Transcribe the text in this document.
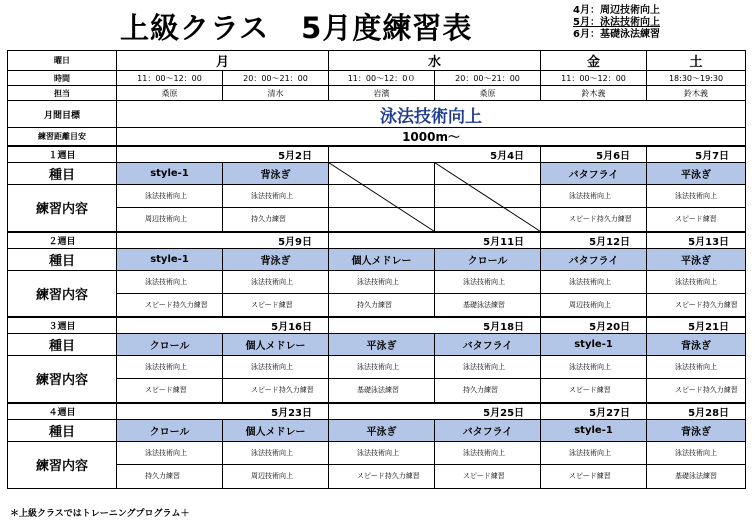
上級クラス 5月度練習表
4月：周辺技術向上
5月：泳法技術向上
6月：基礎泳法練習
曜日	月		水		金	土
時間	11：00～12：00	20：00～21：00	11：00～12：0０	20：00～21：00	11：00～12：00	18:30～19:30
担当	桑原	清水	岩濱	桑原	鈴木義	鈴木義
月間目標	泳法技術向上					
練習距離目安	1000m～					
１週目	5月2日		5月4日		5月6日	5月7日
種目	style-1	背泳ぎ			バタフライ	平泳ぎ
練習内容	泳法技術向上	泳法技術向上			泳法技術向上	泳法技術向上
	周辺技術向上	持久力練習			スピード持久力練習	スピード練習
２週目	5月9日		5月11日		5月12日	5月13日
種目	style-1	背泳ぎ	個人メドレー	クロール	バタフライ	平泳ぎ
練習内容	泳法技術向上	泳法技術向上	泳法技術向上	泳法技術向上	泳法技術向上	泳法技術向上
	スピード持久力練習	スピード練習	持久力練習	基礎泳法練習	周辺技術向上	スピード持久力練習
３週目	5月16日		5月18日		5月20日	5月21日
種目	クロール	個人メドレー	平泳ぎ	バタフライ	style-1	背泳ぎ
練習内容	泳法技術向上	泳法技術向上	泳法技術向上	泳法技術向上	泳法技術向上	泳法技術向上
	スピード練習	スピード持久力練習	基礎泳法練習	持久力練習	スピード練習	スピード持久力練習
４週目	5月23日		5月25日		5月27日	5月28日
種目	クロール	個人メドレー	平泳ぎ	バタフライ	style-1	背泳ぎ
練習内容	泳法技術向上	泳法技術向上	泳法技術向上	泳法技術向上	泳法技術向上	泳法技術向上
	持久力練習	周辺技術向上	スピード持久力練習	スピード練習	スピード練習	基礎泳法練習
＊上級クラスではトレーニングプログラム＋
